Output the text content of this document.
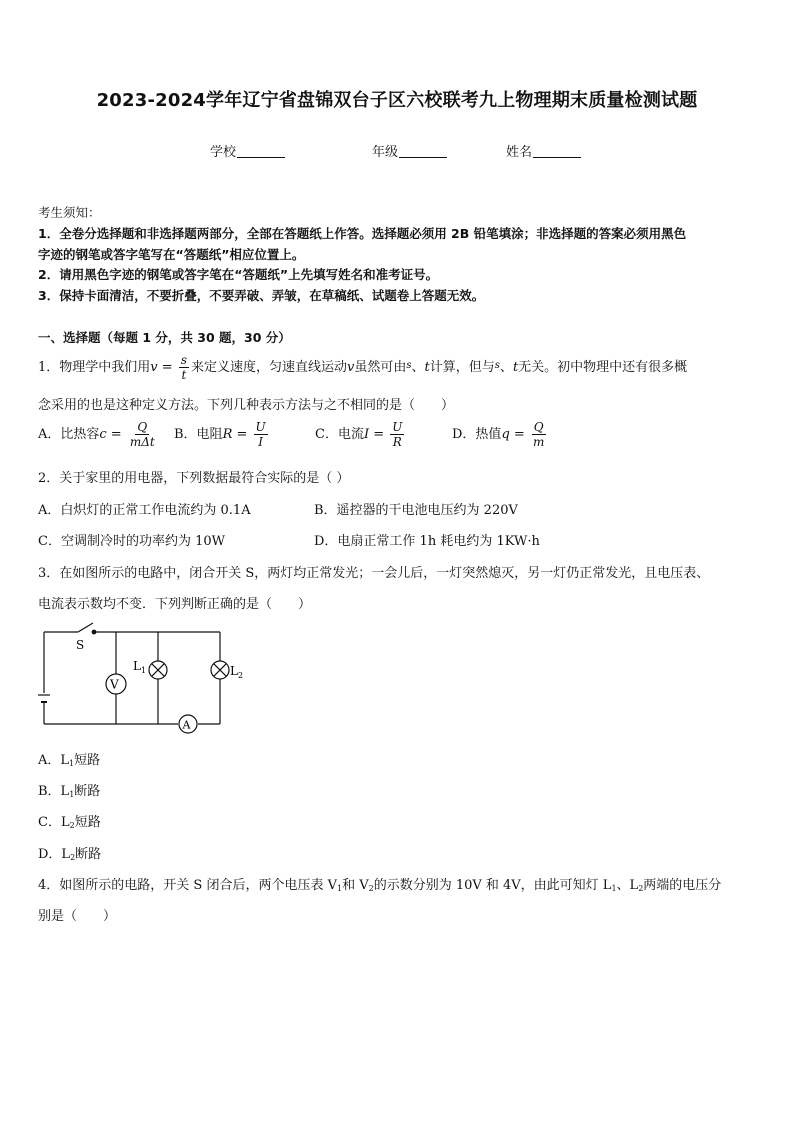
2023-2024学年辽宁省盘锦双台子区六校联考九上物理期末质量检测试题
学校	年级	姓名
考生须知：
1．全卷分选择题和非选择题两部分，全部在答题纸上作答。选择题必须用 2B 铅笔填涂；非选择题的答案必须用黑色
字迹的钢笔或答字笔写在“答题纸”相应位置上。
2．请用黑色字迹的钢笔或答字笔在“答题纸”上先填写姓名和准考证号。
3．保持卡面清洁，不要折叠，不要弄破、弄皱，在草稿纸、试题卷上答题无效。
一、选择题（每题 1 分，共 30 题，30 分）
1．物理学中我们用$v = \frac{s}{t}$ 来定义速度，匀速直线运动v虽然可由$^s$、t计算，但与$^s$、t无关。初中物理中还有很多概
念采用的也是这种定义方法。下列几种表示方法与之不相同的是（　　）
A．比热容$c = \frac{Q}{\text{mΔt}}$ B．电阻$R = \frac{U}{I}$	C．电流$I = \frac{U}{R}$	D．热值$q = \frac{Q}{m}$
2．关于家里的用电器，下列数据最符合实际的是（ ）
A．白炽灯的正常工作电流约为 0.1A	B．遥控器的干电池电压约为 220V
C．空调制冷时的功率约为 10W	D．电扇正常工作 1h 耗电约为 1KW·h
3．在如图所示的电路中，闭合开关 S，两灯均正常发光；一会儿后，一灯突然熄灭，另一灯仍正常发光，且电压表、
电流表示数均不变．下列判断正确的是（　　）
S
V
A
$L_1$	$L_2$
A．$L_1$短路
B．$L_1$断路
C．$L_2$短路
D．$L_2$断路
4．如图所示的电路，开关 S 闭合后，两个电压表 $V_1$和 $V_2$的示数分别为 10V 和 4V，由此可知灯 $L_1$、$L_2$两端的电压分
别是（　　）
